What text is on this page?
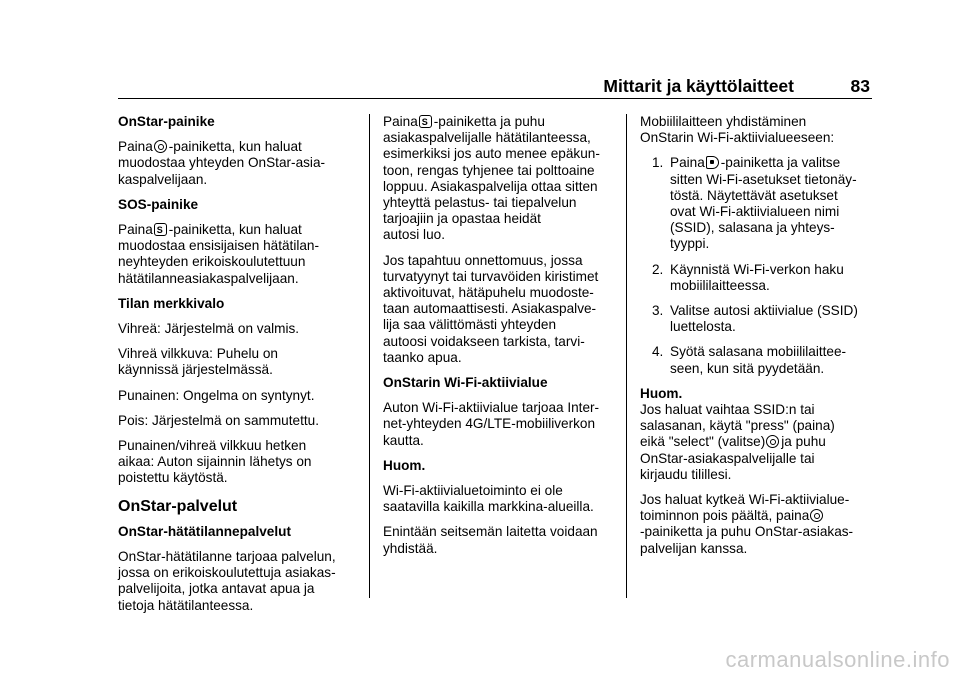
Mittarit ja käyttölaitteet	83

OnStar-painike

Paina -painiketta, kun haluat
muodostaa yhteyden OnStar-asia-
kaspalvelijaan.

SOS-painike

Paina S -painiketta, kun haluat
muodostaa ensisijaisen hätätilan-
neyhteyden erikoiskoulutettuun
hätätilanneasiakaspalvelijaan.

Tilan merkkivalo

Vihreä: Järjestelmä on valmis.

Vihreä vilkkuva: Puhelu on
käynnissä järjestelmässä.

Punainen: Ongelma on syntynyt.

Pois: Järjestelmä on sammutettu.

Punainen/vihreä vilkkuu hetken
aikaa: Auton sijainnin lähetys on
poistettu käytöstä.

OnStar-palvelut

OnStar-hätätilannepalvelut

OnStar-hätätilanne tarjoaa palvelun,
jossa on erikoiskoulutettuja asiakas-
palvelijoita, jotka antavat apua ja
tietoja hätätilanteessa.

Paina S -painiketta ja puhu
asiakaspalvelijalle hätätilanteessa,
esimerkiksi jos auto menee epäkun-
toon, rengas tyhjenee tai polttoaine
loppuu. Asiakaspalvelija ottaa sitten
yhteyttä pelastus- tai tiepalvelun
tarjoajiin ja opastaa heidät
autosi luo.

Jos tapahtuu onnettomuus, jossa
turvatyynyt tai turvavöiden kiristimet
aktivoituvat, hätäpuhelu muodoste-
taan automaattisesti. Asiakaspalve-
lija saa välittömästi yhteyden
autoosi voidakseen tarkista, tarvi-
taanko apua.

OnStarin Wi-Fi-aktiivialue

Auton Wi-Fi-aktiivialue tarjoaa Inter-
net-yhteyden 4G/LTE-mobiiliverkon
kautta.

Huom.

Wi-Fi-aktiivialuetoiminto ei ole
saatavilla kaikilla markkina-alueilla.

Enintään seitsemän laitetta voidaan
yhdistää.

Mobiililaitteen yhdistäminen
OnStarin Wi-Fi-aktiivialueeseen:

1. Paina -painiketta ja valitse
sitten Wi-Fi-asetukset tietonäy-
töstä. Näytettävät asetukset
ovat Wi-Fi-aktiivialueen nimi
(SSID), salasana ja yhteys-
tyyppi.
2. Käynnistä Wi-Fi-verkon haku
mobiililaitteessa.
3. Valitse autosi aktiivialue (SSID)
luettelosta.
4. Syötä salasana mobiililaittee-
seen, kun sitä pyydetään.

Huom.

Jos haluat vaihtaa SSID:n tai
salasanan, käytä "press" (paina)
eikä "select" (valitse) ja puhu
OnStar-asiakaspalvelijalle tai
kirjaudu tilillesi.

Jos haluat kytkeä Wi-Fi-aktiivialue-
toiminnon pois päältä, paina
-painiketta ja puhu OnStar-asiakas-
palvelijan kanssa.

carmanualsonline.info
